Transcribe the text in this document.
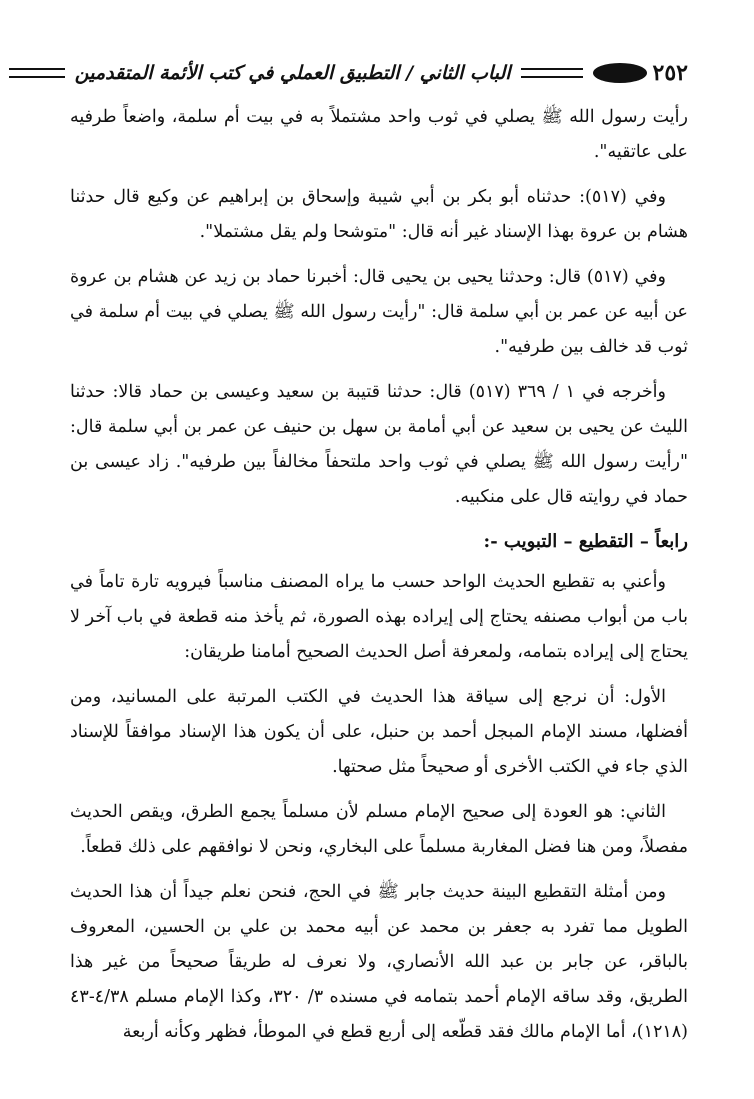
٢٥٢
الباب الثاني / التطبيق العملي في كتب الأئمة المتقدمين

رأيت رسول الله ﷺ يصلي في ثوب واحد مشتملاً به في بيت أم سلمة، واضعاً طرفيه على عاتقيه".

وفي (٥١٧): حدثناه أبو بكر بن أبي شيبة وإسحاق بن إبراهيم عن وكيع قال حدثنا هشام بن عروة بهذا الإسناد غير أنه قال: "متوشحا ولم يقل مشتملا".

وفي (٥١٧) قال: وحدثنا يحيى بن يحيى قال: أخبرنا حماد بن زيد عن هشام بن عروة عن أبيه عن عمر بن أبي سلمة قال: "رأيت رسول الله ﷺ يصلي في بيت أم سلمة في ثوب قد خالف بين طرفيه".

وأخرجه في ١ / ٣٦٩ (٥١٧) قال: حدثنا قتيبة بن سعيد وعيسى بن حماد قالا: حدثنا الليث عن يحيى بن سعيد عن أبي أمامة بن سهل بن حنيف عن عمر بن أبي سلمة قال: "رأيت رسول الله ﷺ يصلي في ثوب واحد ملتحفاً مخالفاً بين طرفيه". زاد عيسى بن حماد في روايته قال على منكبيه.

رابعاً – التقطيع – التبويب -:

وأعني به تقطيع الحديث الواحد حسب ما يراه المصنف مناسباً فيرويه تارة تاماً في باب من أبواب مصنفه يحتاج إلى إيراده بهذه الصورة، ثم يأخذ منه قطعة في باب آخر لا يحتاج إلى إيراده بتمامه، ولمعرفة أصل الحديث الصحيح أمامنا طريقان:

الأول: أن نرجع إلى سياقة هذا الحديث في الكتب المرتبة على المسانيد، ومن أفضلها، مسند الإمام المبجل أحمد بن حنبل، على أن يكون هذا الإسناد موافقاً للإسناد الذي جاء في الكتب الأخرى أو صحيحاً مثل صحتها.

الثاني: هو العودة إلى صحيح الإمام مسلم لأن مسلماً يجمع الطرق، ويقص الحديث مفصلاً، ومن هنا فضل المغاربة مسلماً على البخاري، ونحن لا نوافقهم على ذلك قطعاً.

ومن أمثلة التقطيع البينة حديث جابر ﷺ في الحج، فنحن نعلم جيداً أن هذا الحديث الطويل مما تفرد به جعفر بن محمد عن أبيه محمد بن علي بن الحسين، المعروف بالباقر، عن جابر بن عبد الله الأنصاري، ولا نعرف له طريقاً صحيحاً من غير هذا الطريق، وقد ساقه الإمام أحمد بتمامه في مسنده ٣/ ٣٢٠، وكذا الإمام مسلم ٤/٣٨-٤٣ (١٢١٨)، أما الإمام مالك فقد قطّعه إلى أربع قطع في الموطأ، فظهر وكأنه أربعة
